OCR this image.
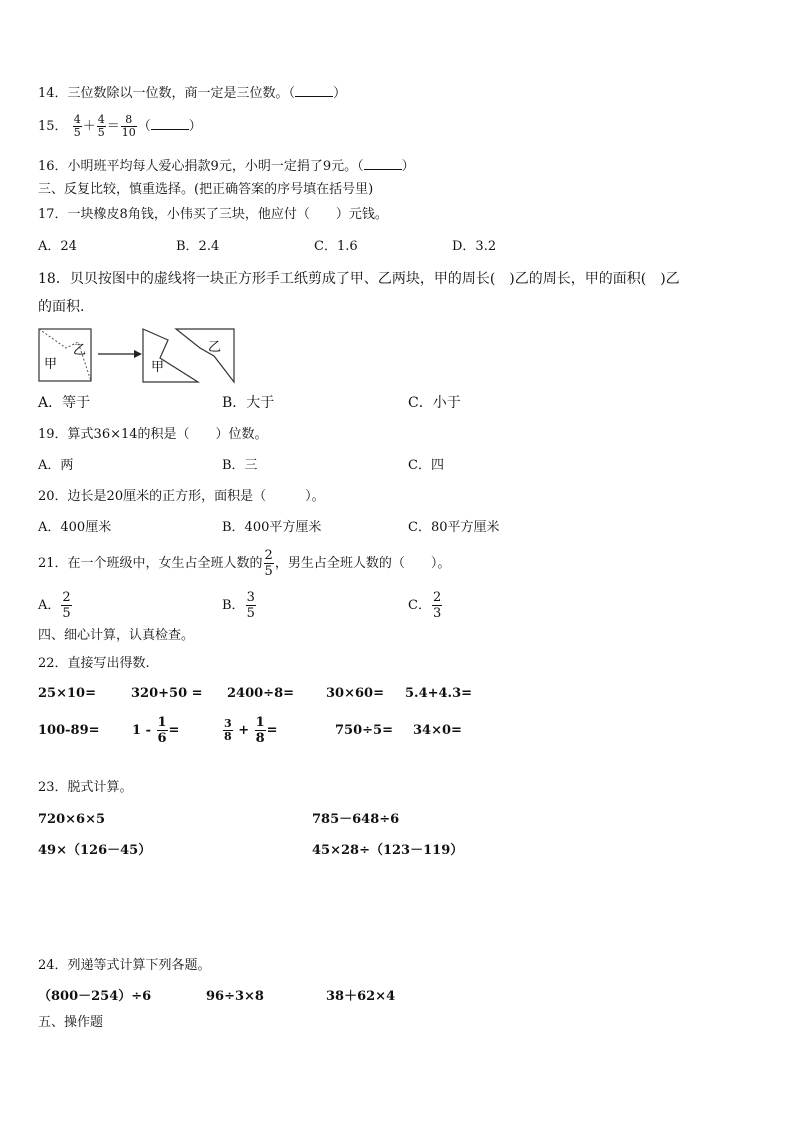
14．三位数除以一位数，商一定是三位数。（	）
15． $\frac{4}{5} + \frac{4}{5} = \frac{8}{10}$ （	）
16．小明班平均每人爱心捐款9元，小明一定捐了9元。（	）
三、反复比较，慎重选择。(把正确答案的序号填在括号里)
17．一块橡皮8角钱，小伟买了三块，他应付（　　）元钱。
A．24	B．2.4	C．1.6	D．3.2
18．贝贝按图中的虚线将一块正方形手工纸剪成了甲、乙两块，甲的周长(　)乙的周长，甲的面积(　)乙
的面积.
甲
乙
甲
乙
A．等于	B．大于	C．小于
19．算式36×14的积是（　　）位数。
A．两	B．三	C．四
20．边长是20厘米的正方形，面积是（　　　）。
A．400厘米	B．400平方厘米	C．80平方厘米
21．在一个班级中，女生占全班人数的 $\frac{2}{5}$ ，男生占全班人数的（　　）。
A． $\frac{2}{5}$	B． $\frac{3}{5}$	C． $\frac{2}{3}$
四、细心计算，认真检查。
22．直接写出得数.
25×10=	320+50 = 2400÷8= 30×60= 5.4+4.3=
$100-89= 1 - \frac{1}{6}$ =	$\frac{3}{8} + \frac{1}{8}$ =	750÷5= 34×0=
23．脱式计算。
720×6×5	785－648÷6
49×（126－45）	45×28÷（123－119）
24．列递等式计算下列各题。
（800－254）÷6	96÷3×8	38＋62×4
五、操作题
